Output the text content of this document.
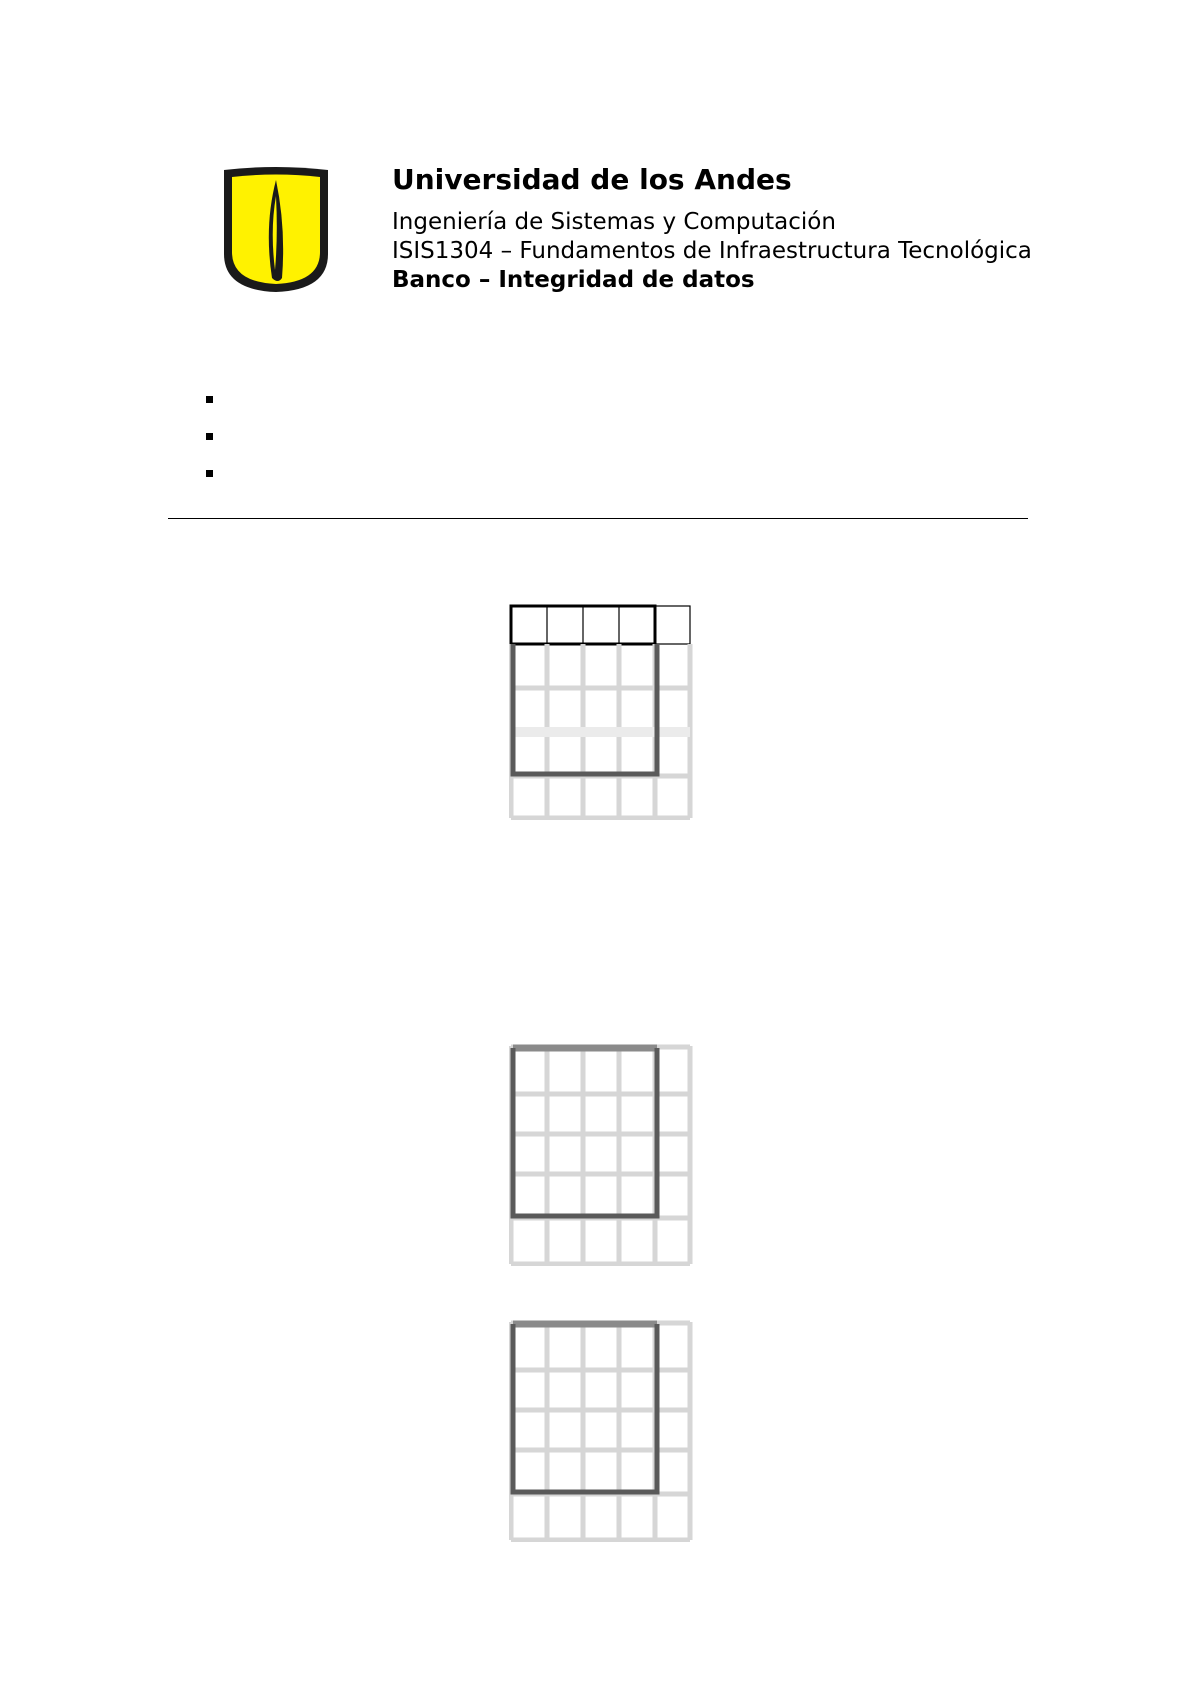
Universidad de los Andes
Ingeniería de Sistemas y Computación
ISIS1304 – Fundamentos de Infraestructura Tecnológica
Banco – Integridad de datos
